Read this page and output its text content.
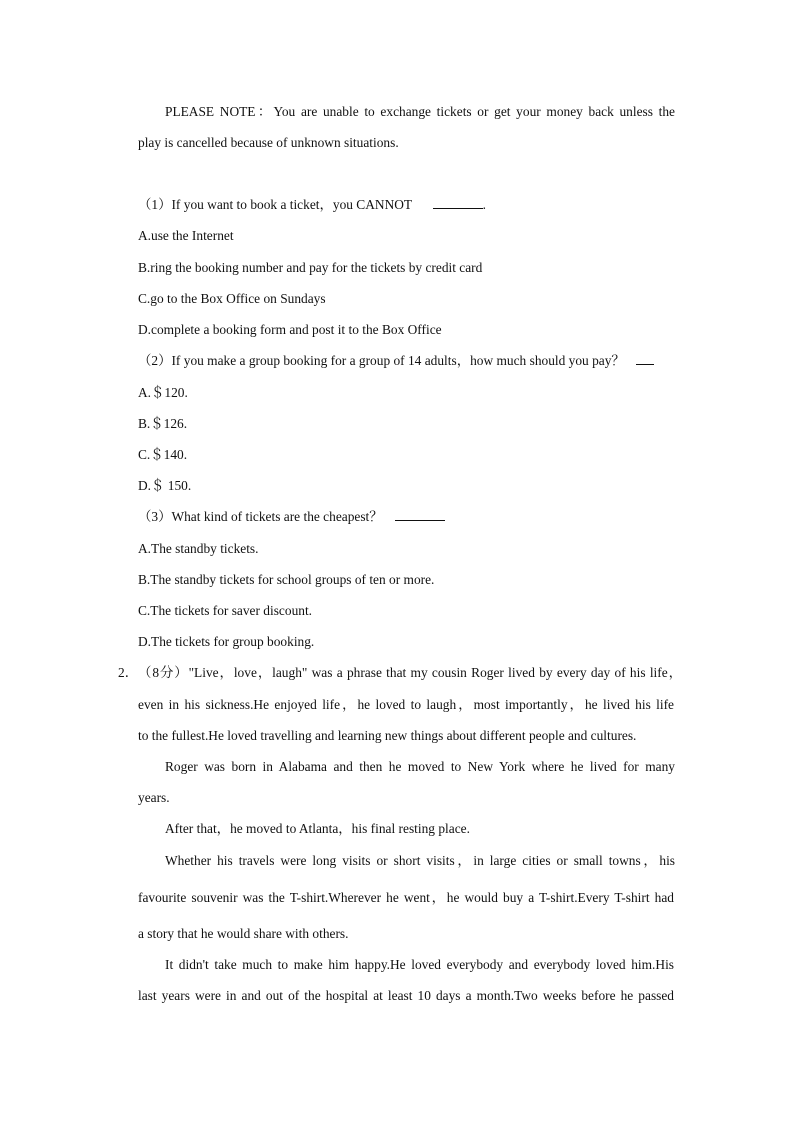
PLEASE NOTE：You are unable to exchange tickets or get your money back unless the
play is cancelled because of unknown situations.
（1）If you want to book a ticket，you CANNOT	.
A.use the Internet
B.ring the booking number and pay for the tickets by credit card
C.go to the Box Office on Sundays
D.complete a booking form and post it to the Box Office
（2）If you make a group booking for a group of 14 adults，how much should you pay？
A.＄120.
B.＄126.
C.＄140.
D.＄ 150.
（3）What kind of tickets are the cheapest？
A.The standby tickets.
B.The standby tickets for school groups of ten or more.
C.The tickets for saver discount.
D.The tickets for group booking.
2． （8分）"Live，love，laugh" was a phrase that my cousin Roger lived by every day of his life，
even in his sickness.He enjoyed life，he loved to laugh，most importantly，he lived his life
to the fullest.He loved travelling and learning new things about different people and cultures.
Roger was born in Alabama and then he moved to New York where he lived for many
years.
After that，he moved to Atlanta，his final resting place.
Whether his travels were long visits or short visits，in large cities or small towns，his
favourite souvenir was the T-shirt.Wherever he went，he would buy a T-shirt.Every T-shirt had
a story that he would share with others.
It didn't take much to make him happy.He loved everybody and everybody loved him.His
last years were in and out of the hospital at least 10 days a month.Two weeks before he passed
